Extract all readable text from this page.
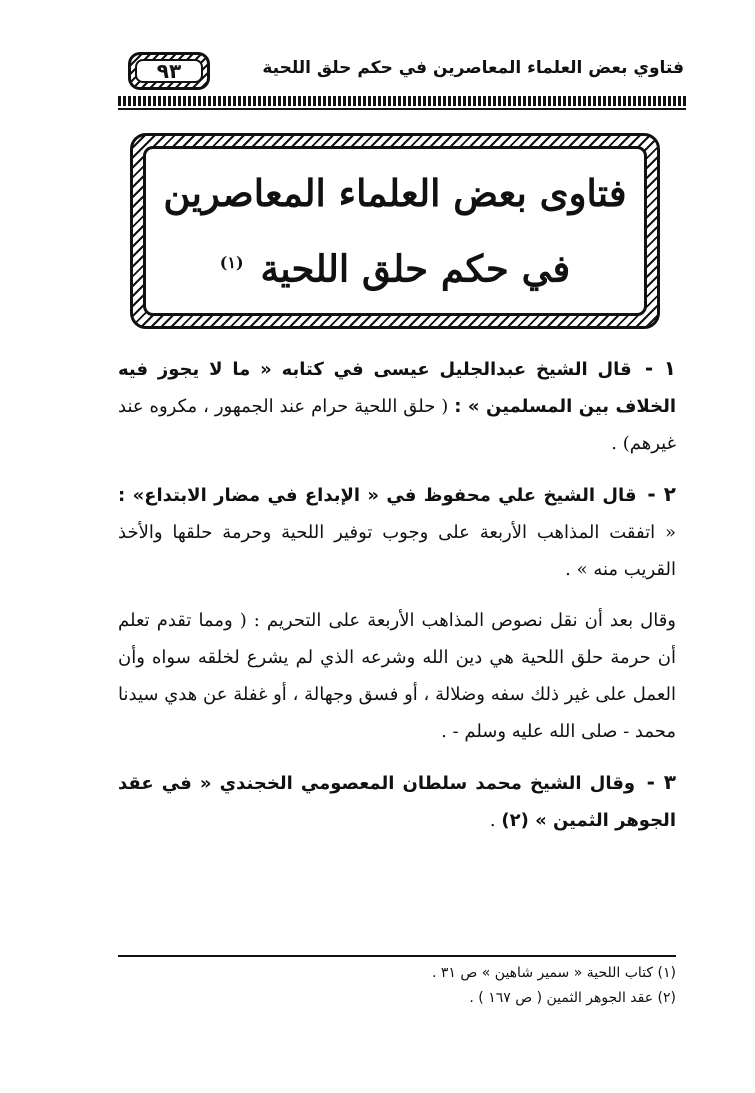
فتاوي بعض العلماء المعاصرين في حكم حلق اللحية
٩٣
فتاوى بعض العلماء المعاصرين
في حكم حلق اللحية $^{(١)}$

١ - قال الشيخ عبدالجليل عيسى في كتابه « ما لا يجوز فيه الخلاف بين المسلمين » : ( حلق اللحية حرام عند الجمهور ، مكروه عند غيرهم) .

٢ - قال الشيخ علي محفوظ في « الإبداع في مضار الابتداع» : « اتفقت المذاهب الأربعة على وجوب توفير اللحية وحرمة حلقها والأخذ القريب منه » .

وقال بعد أن نقل نصوص المذاهب الأربعة على التحريم : ( ومما تقدم تعلم أن حرمة حلق اللحية هي دين الله وشرعه الذي لم يشرع لخلقه سواه وأن العمل على غير ذلك سفه وضلالة ، أو فسق وجهالة ، أو غفلة عن هدي سيدنا محمد - صلى الله عليه وسلم - .

٣ - وقال الشيخ محمد سلطان المعصومي الخجندي « في عقد الجوهر الثمين » (٢) .

(١) كتاب اللحية « سمير شاهين » ص ٣١ .
(٢) عقد الجوهر الثمين ( ص ١٦٧ ) .
